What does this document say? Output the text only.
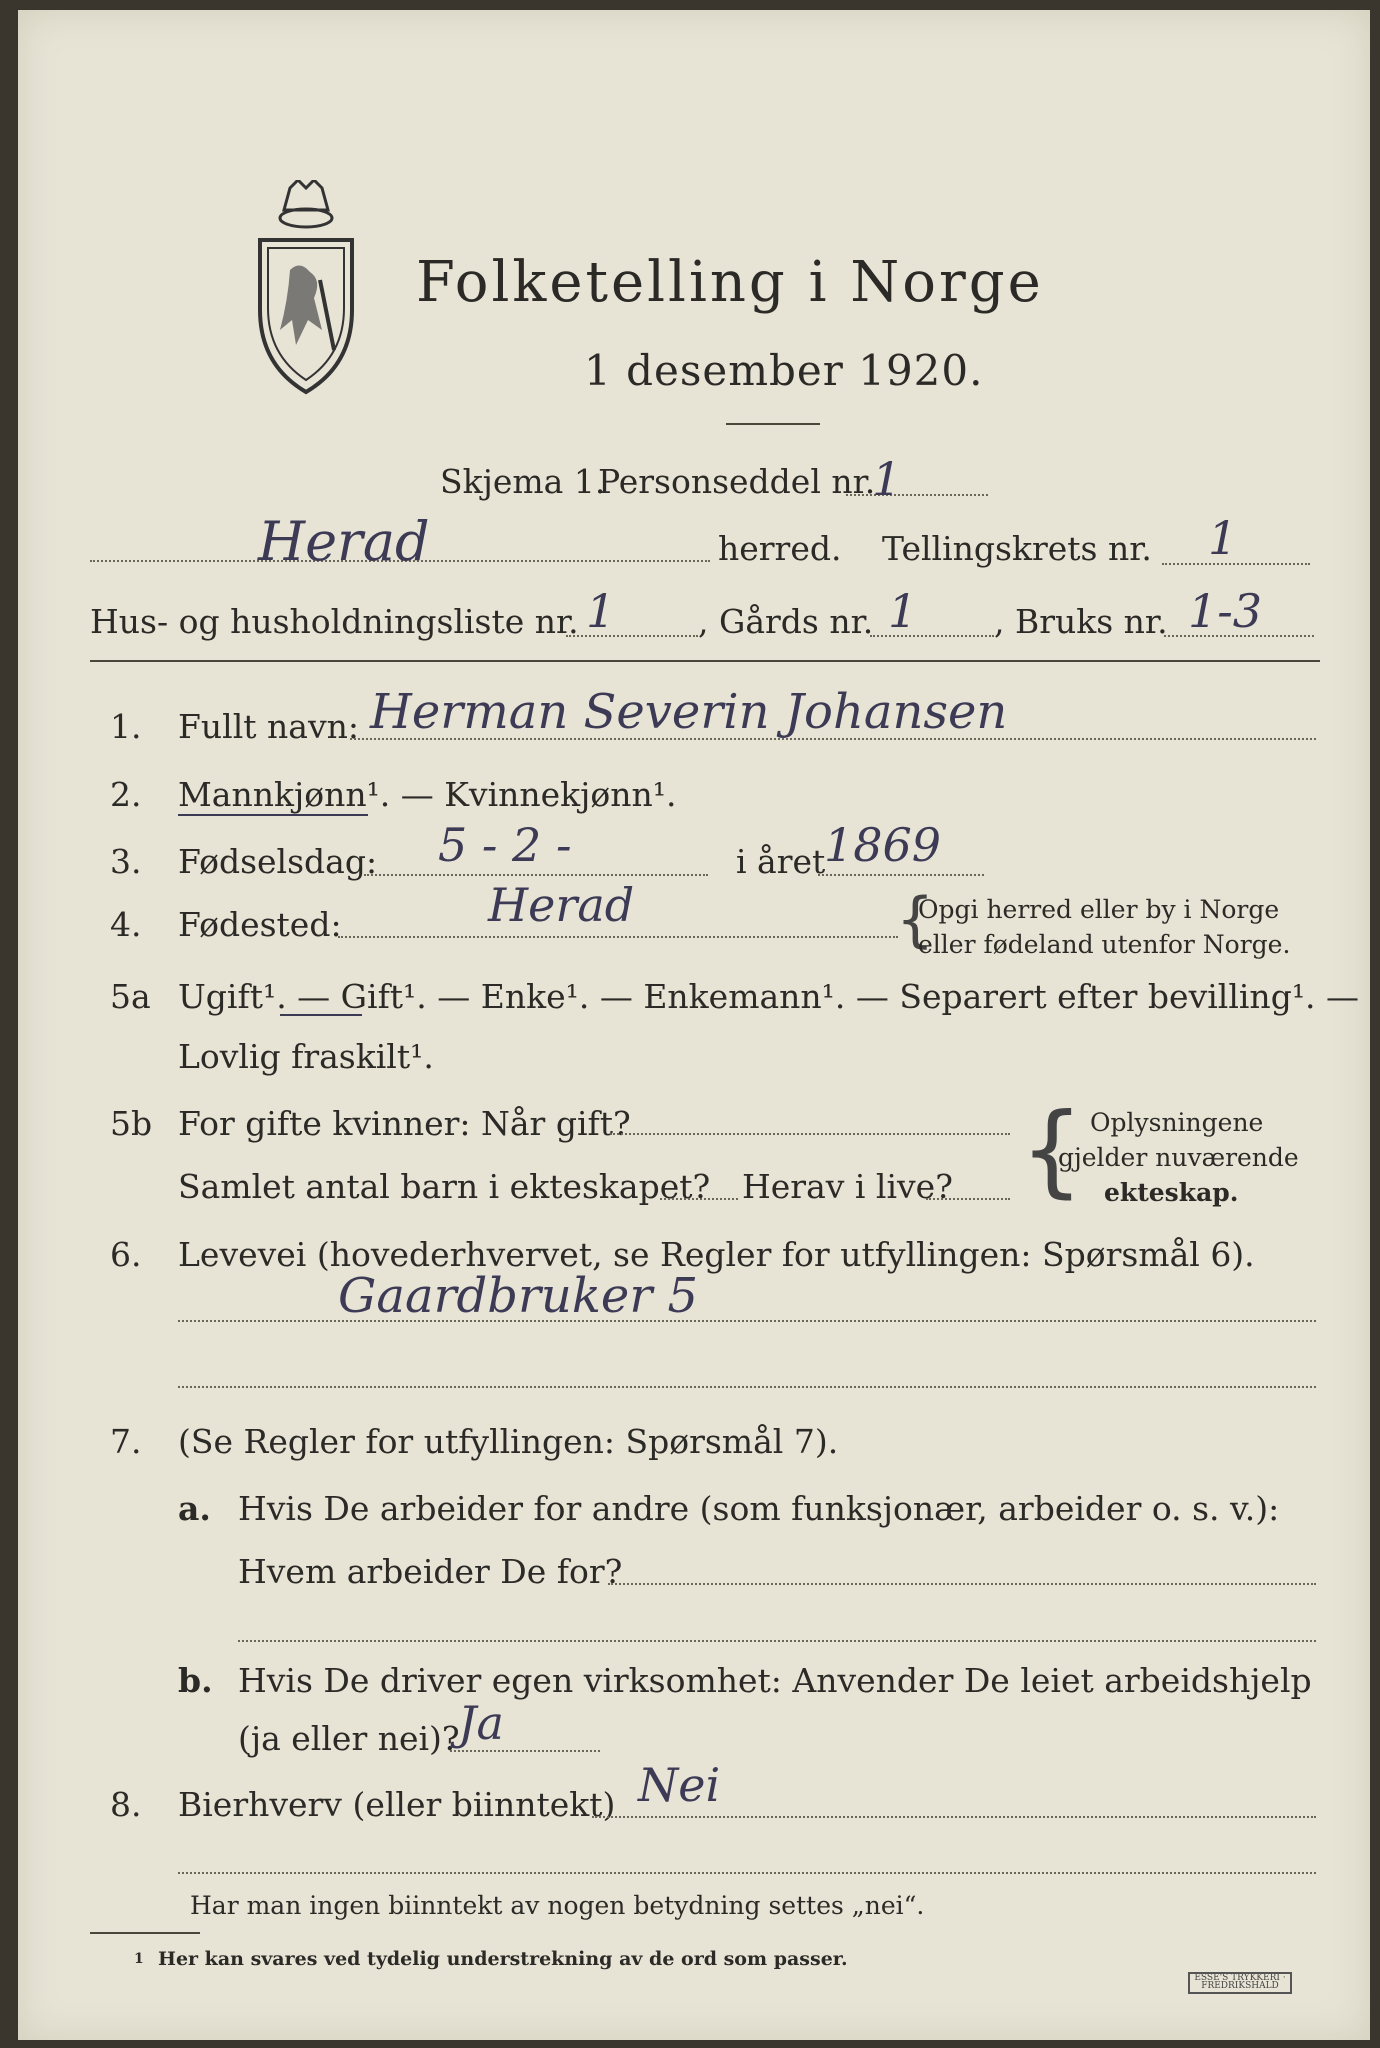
Folketelling i Norge
1 desember 1920.
Skjema 1.
Personseddel nr.
1
Herad	herred. Tellingskrets nr. 1
Hus- og husholdningsliste nr. 1	, Gårds nr. 1 , Bruks nr. 1-3
1. Fullt navn: Herman Severin Johansen
2. Mannkjønn¹. — Kvinnekjønn¹.
3. Fødselsdag: 5 - 2 -	i året
1869
4. Fødested:	Herad	{
Opgi herred eller by i Norge
eller fødeland utenfor Norge.
5a Ugift¹. — Gift¹. — Enke¹. — Enkemann¹. — Separert efter bevilling¹. —
Lovlig fraskilt¹.
5b For gifte kvinner: Når gift?
Samlet antal barn i ekteskapet? Herav i live? { Oplysningene
gjelder nuværende
ekteskap.
6. Levevei (hovederhvervet, se Regler for utfyllingen: Spørsmål 6).
Gaardbruker 5
7. (Se Regler for utfyllingen: Spørsmål 7).
a. Hvis De arbeider for andre (som funksjonær, arbeider o. s. v.):
Hvem arbeider De for?
b. Hvis De driver egen virksomhet: Anvender De leiet arbeidshjelp
(ja eller nei)?
Ja
8. Bierhverv (eller biinntekt) Nei
Har man ingen biinntekt av nogen betydning settes „nei“.
1 Her kan svares ved tydelig understrekning av de ord som passer.
ESSE'S TRYKKERI · FREDRIKSHALD
